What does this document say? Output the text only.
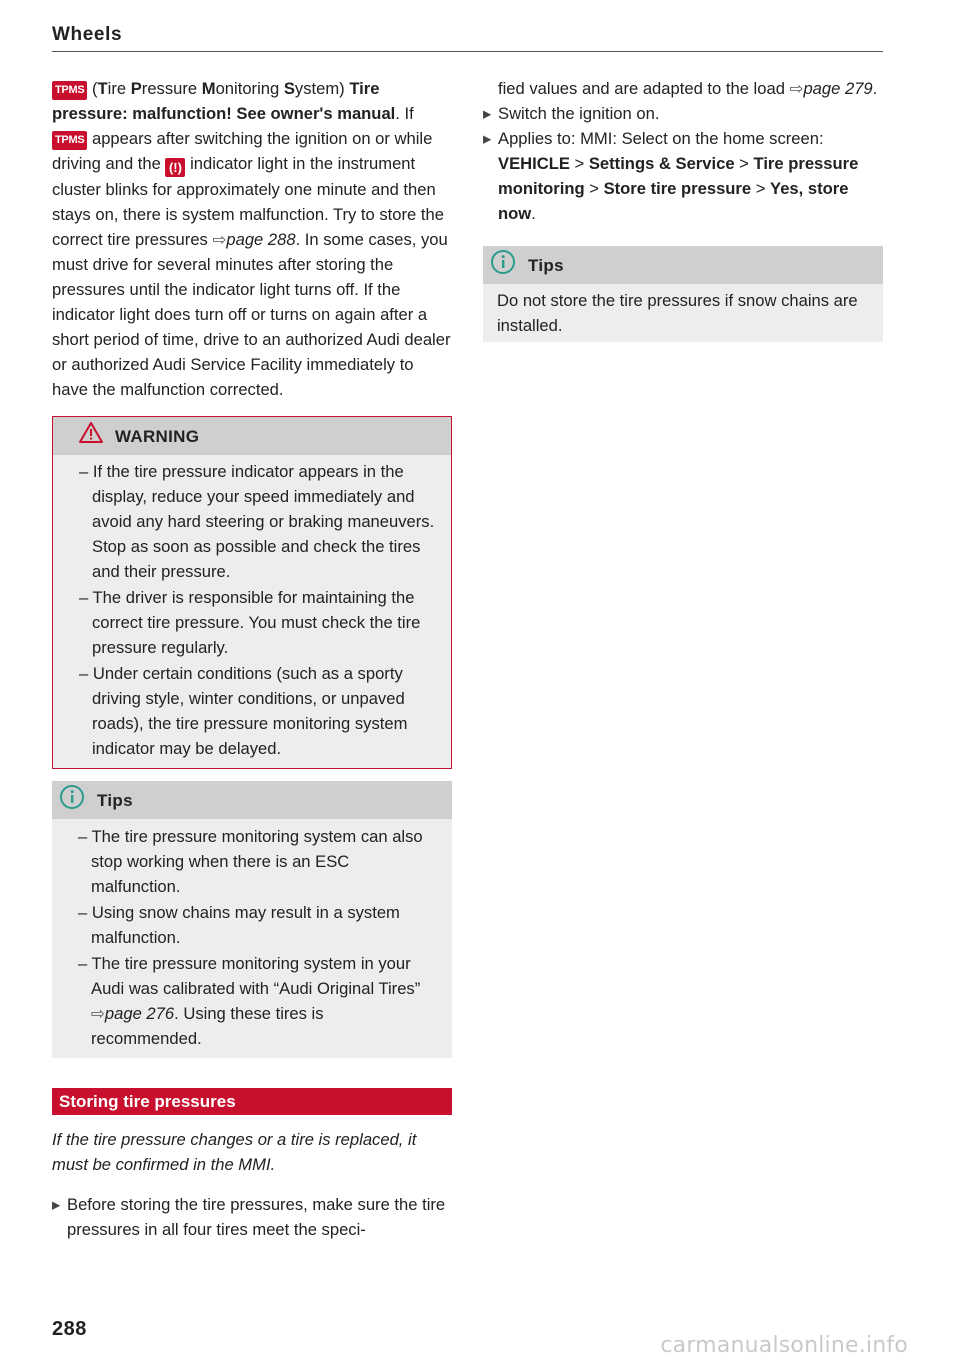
Wheels

TPMS (Tire Pressure Monitoring System) Tire pressure: malfunction! See owner's manual. If TPMS appears after switching the ignition on or while driving and the (!) indicator light in the instrument cluster blinks for approximately one minute and then stays on, there is system malfunction. Try to store the correct tire pressures ⇨page 288. In some cases, you must drive for several minutes after storing the pressures until the indicator light turns off. If the indicator light does turn off or turns on again after a short period of time, drive to an authorized Audi dealer or authorized Audi Service Facility immediately to have the malfunction corrected.

WARNING

– If the tire pressure indicator appears in the display, reduce your speed immediately and avoid any hard steering or braking maneuvers. Stop as soon as possible and check the tires and their pressure.

– The driver is responsible for maintaining the correct tire pressure. You must check the tire pressure regularly.

– Under certain conditions (such as a sporty driving style, winter conditions, or unpaved roads), the tire pressure monitoring system indicator may be delayed.

Tips

– The tire pressure monitoring system can also stop working when there is an ESC malfunction.

– Using snow chains may result in a system malfunction.

– The tire pressure monitoring system in your Audi was calibrated with “Audi Original Tires” ⇨page 276. Using these tires is recommended.

Storing tire pressures

If the tire pressure changes or a tire is replaced, it must be confirmed in the MMI.

▸ Before storing the tire pressures, make sure the tire pressures in all four tires meet the speci-

fied values and are adapted to the load ⇨page 279.

▸ Switch the ignition on.

▸ Applies to: MMI: Select on the home screen: VEHICLE > Settings & Service > Tire pressure monitoring > Store tire pressure > Yes, store now.

Tips

Do not store the tire pressures if snow chains are installed.

288
carmanualsonline.info
